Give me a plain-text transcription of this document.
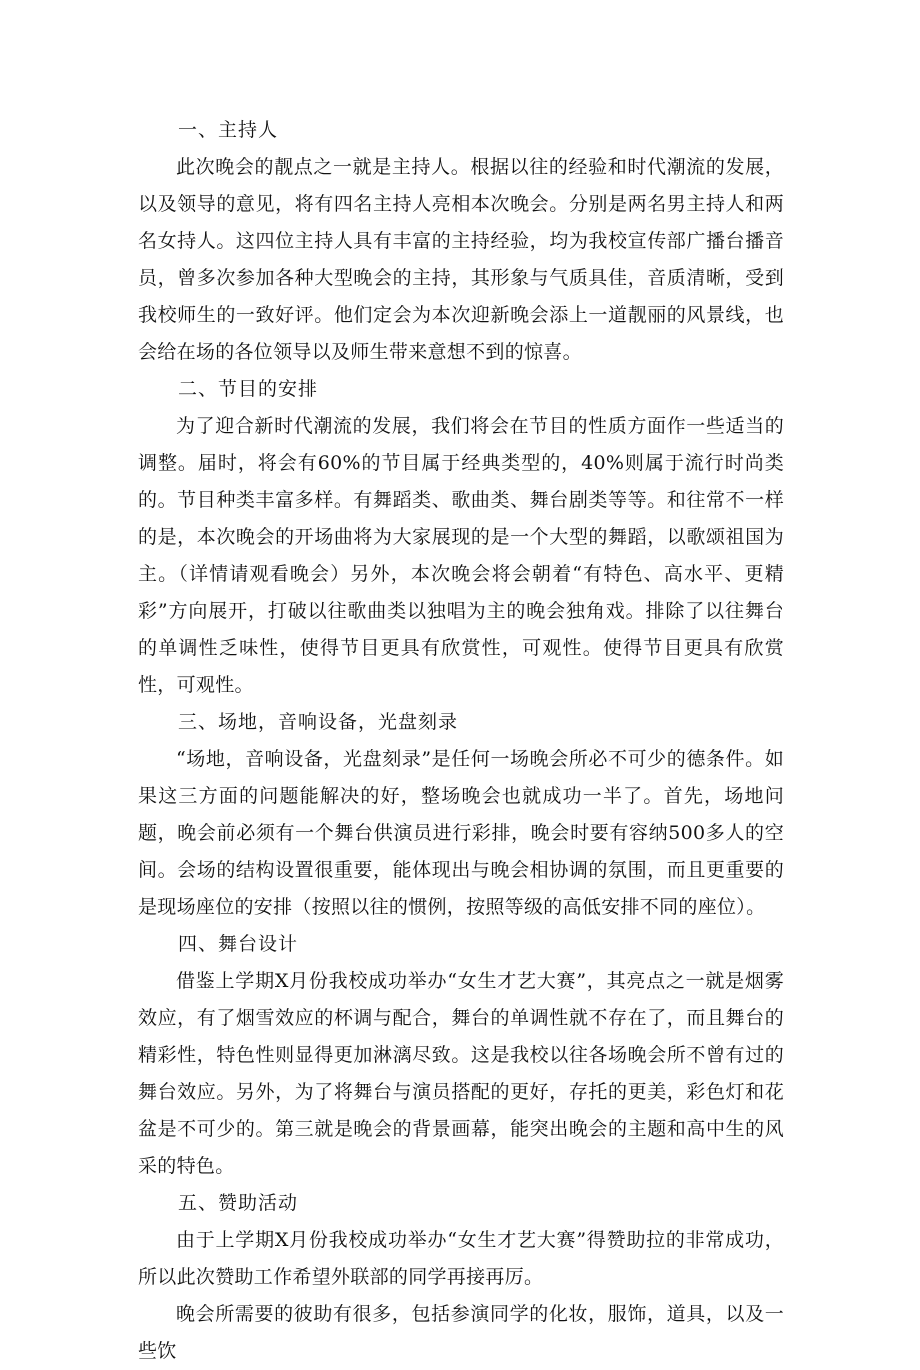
一、主持人

此次晚会的靓点之一就是主持人。根据以往的经验和时代潮流的发展，以及领导的意见，将有四名主持人亮相本次晚会。分别是两名男主持人和两名女持人。这四位主持人具有丰富的主持经验，均为我校宣传部广播台播音员，曾多次参加各种大型晚会的主持，其形象与气质具佳，音质清晰，受到我校师生的一致好评。他们定会为本次迎新晚会添上一道靓丽的风景线，也会给在场的各位领导以及师生带来意想不到的惊喜。

二、节目的安排

为了迎合新时代潮流的发展，我们将会在节目的性质方面作一些适当的调整。届时，将会有60%的节目属于经典类型的，40%则属于流行时尚类的。节目种类丰富多样。有舞蹈类、歌曲类、舞台剧类等等。和往常不一样的是，本次晚会的开场曲将为大家展现的是一个大型的舞蹈，以歌颂祖国为主。（详情请观看晚会）另外，本次晚会将会朝着“有特色、高水平、更精彩”方向展开，打破以往歌曲类以独唱为主的晚会独角戏。排除了以往舞台的单调性乏味性，使得节目更具有欣赏性，可观性。使得节目更具有欣赏性，可观性。

三、场地，音响设备，光盘刻录

“场地，音响设备，光盘刻录”是任何一场晚会所必不可少的德条件。如果这三方面的问题能解决的好，整场晚会也就成功一半了。首先，场地问题，晚会前必须有一个舞台供演员进行彩排，晚会时要有容纳500多人的空间。会场的结构设置很重要，能体现出与晚会相协调的氛围，而且更重要的是现场座位的安排（按照以往的惯例，按照等级的高低安排不同的座位）。

四、舞台设计

借鉴上学期X月份我校成功举办“女生才艺大赛”，其亮点之一就是烟雾效应，有了烟雪效应的杯调与配合，舞台的单调性就不存在了，而且舞台的精彩性，特色性则显得更加淋漓尽致。这是我校以往各场晚会所不曾有过的舞台效应。另外，为了将舞台与演员搭配的更好，存托的更美，彩色灯和花盆是不可少的。第三就是晚会的背景画幕，能突出晚会的主题和高中生的风采的特色。

五、赞助活动

由于上学期X月份我校成功举办“女生才艺大赛”得赞助拉的非常成功，所以此次赞助工作希望外联部的同学再接再厉。

晚会所需要的彼助有很多，包括参演同学的化妆，服饰，道具，以及一些饮
